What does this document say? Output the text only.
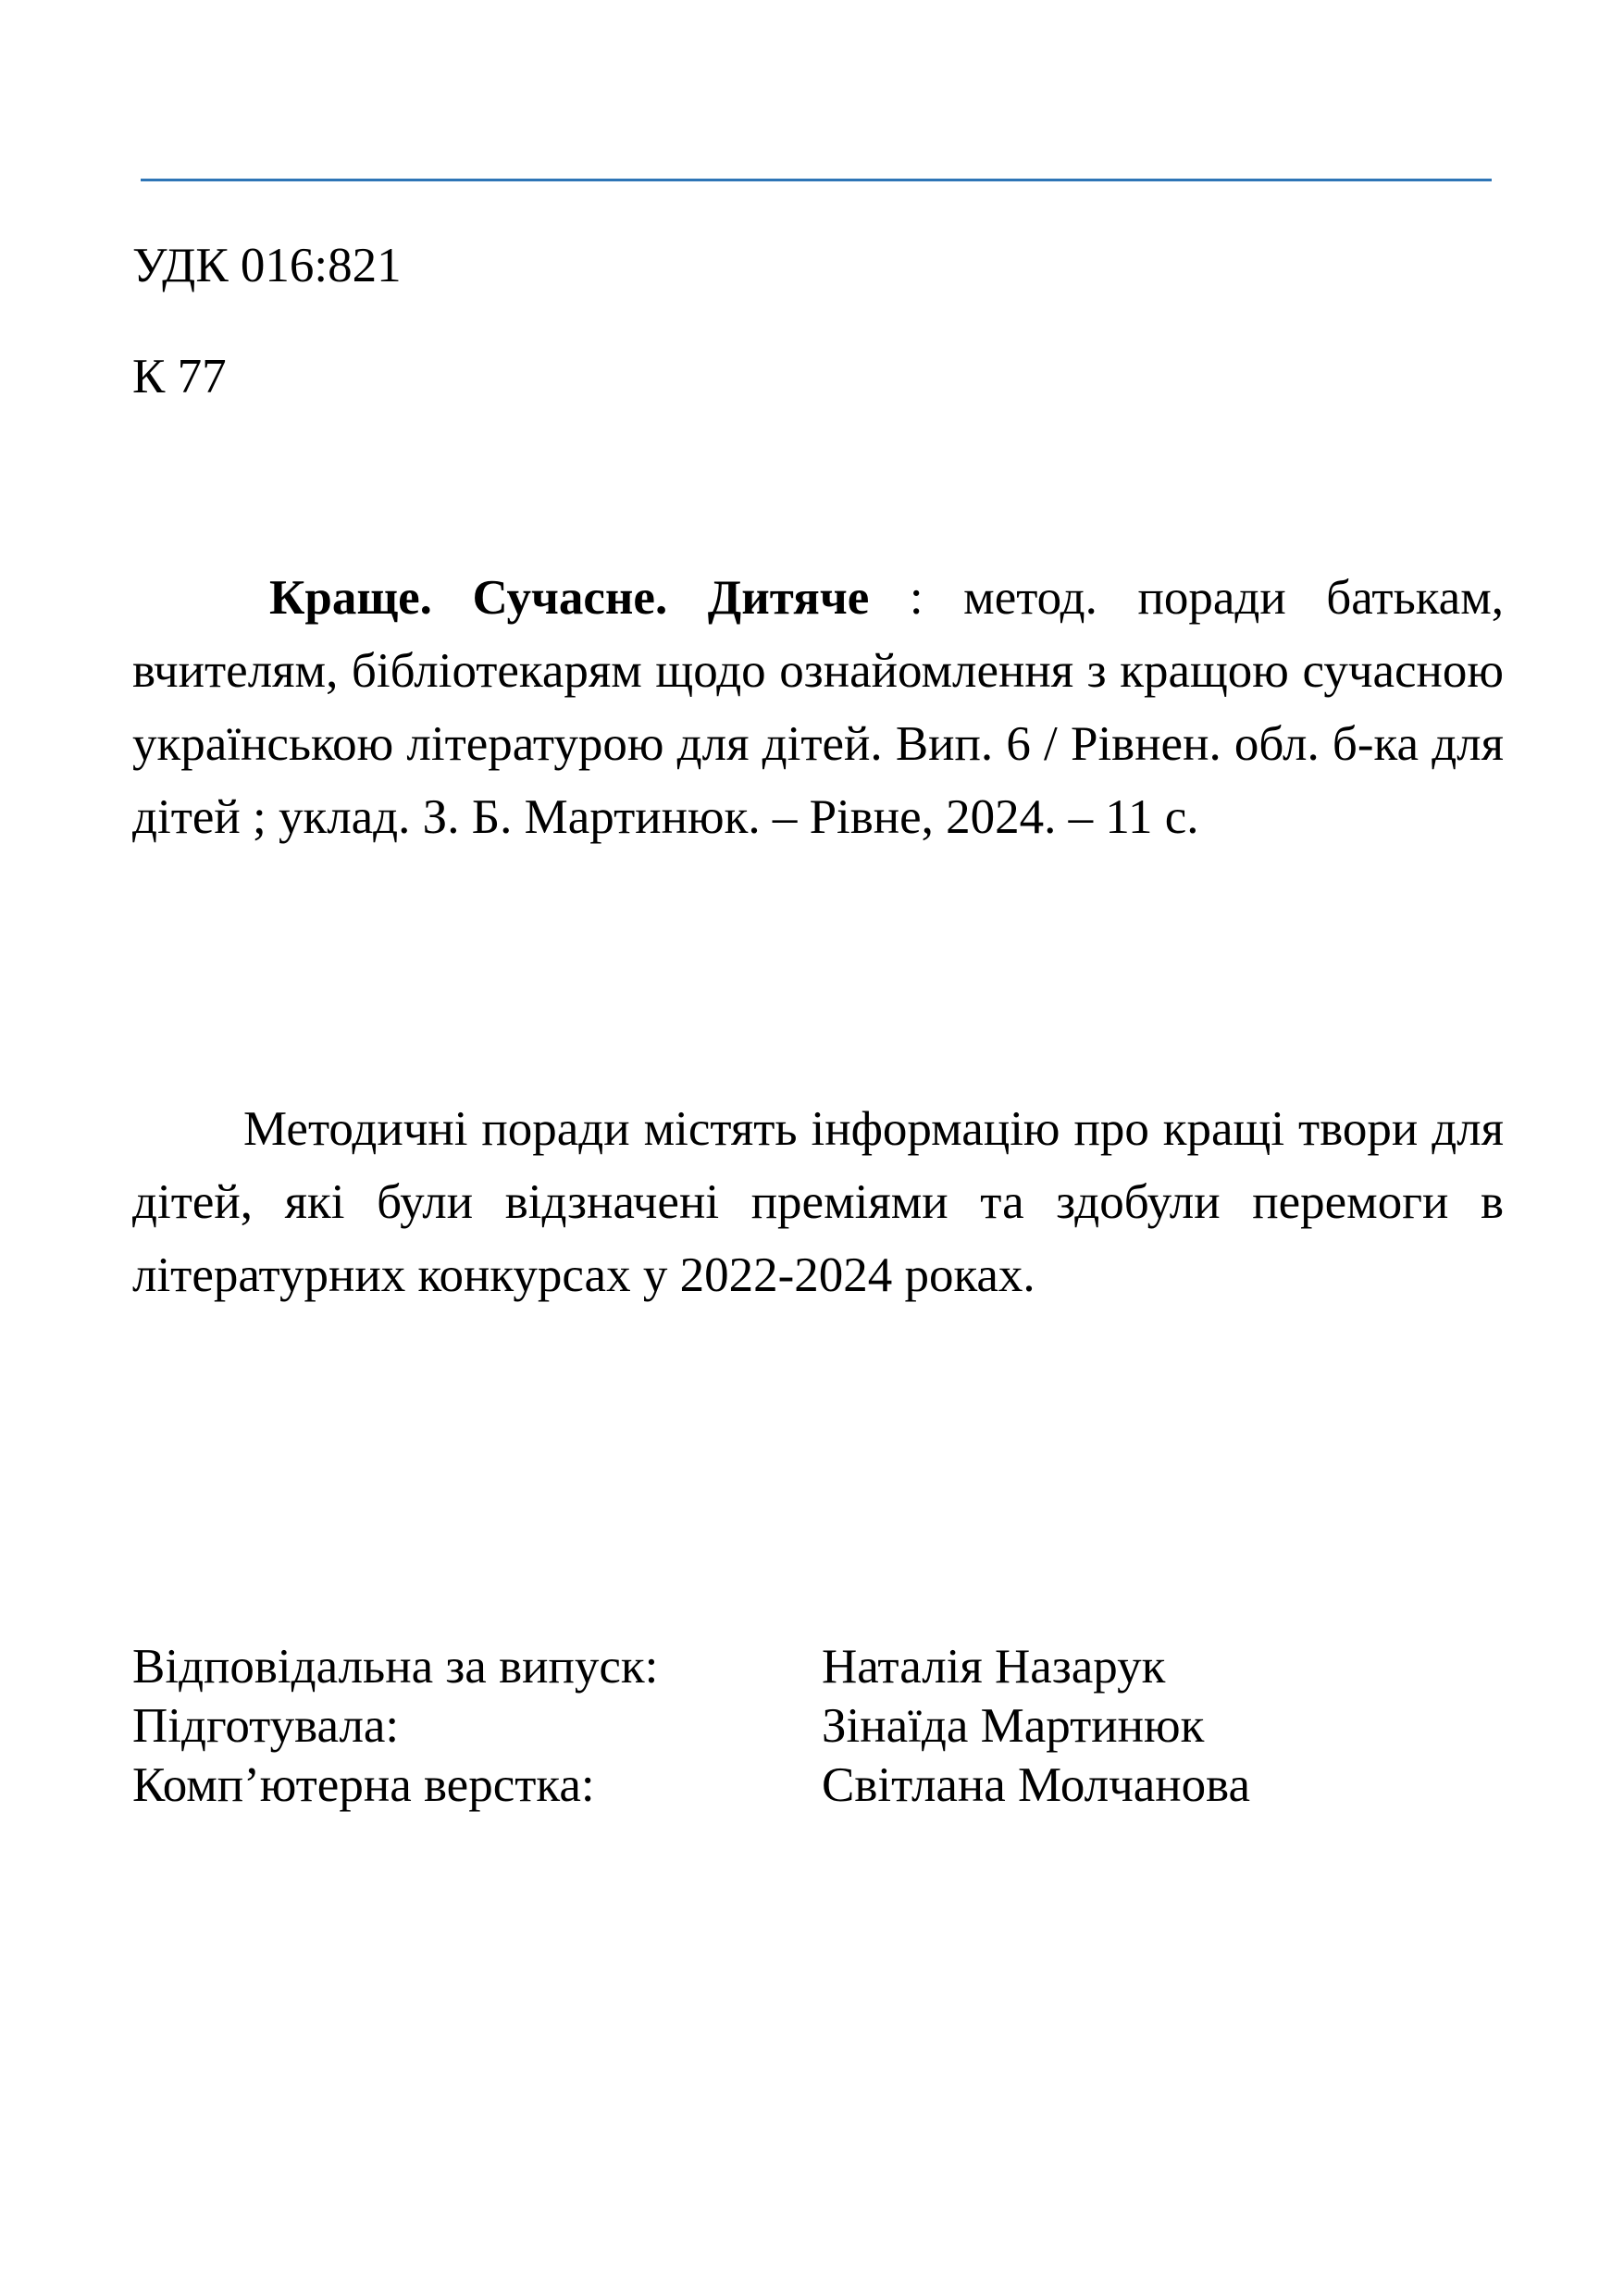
УДК 016:821
К 77
Краще. Сучасне. Дитяче : метод. поради батькам, вчителям, бібліотекарям щодо ознайомлення з кращою сучасною українською літературою для дітей. Вип. 6 / Рівнен. обл. б-ка для дітей ; уклад. З. Б. Мартинюк. – Рівне, 2024. – 11 с.
Методичні поради містять інформацію про кращі твори для дітей, які були відзначені преміями та здобули перемоги в літературних конкурсах у 2022-2024 роках.
Відповідальна за випуск:	Наталія Назарук
Підготувала:	Зінаїда Мартинюк
Комп’ютерна верстка:	Світлана Молчанова
